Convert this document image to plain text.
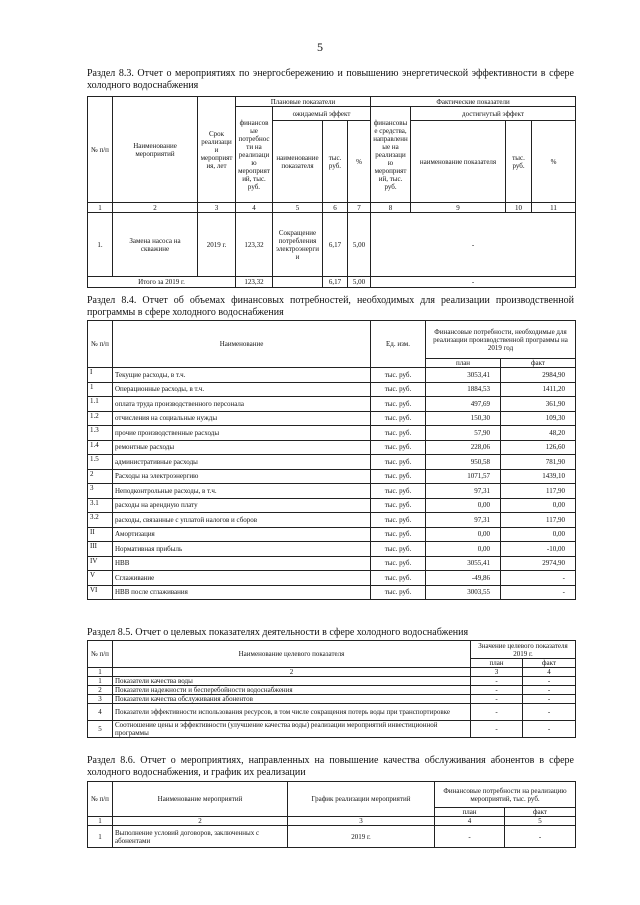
5
Раздел 8.3. Отчет о мероприятиях по энергосбережению и повышению энергетической эффективности в сфере холодного водоснабжения
№ п/п	Наименование мероприятий	Срок реализации мероприятия, лет	Плановые показатели				Фактические показатели			
			финансовые потребности на реализацию мероприятий, тыс. руб.	ожидаемый эффект			финансовые средства, направленные на реализацию мероприятий, тыс. руб.	достигнутый эффект		
				наименование показателя	тыс. руб.	%		наименование показателя	тыс. руб.	%
1	2	3	4	5	6	7	8	9	10	11
1.	Замена насоса на скважине	2019 г.	123,32	Сокращение потребления электроэнергии	6,17	5,00	-			
Итого за 2019 г.			123,32		6,17	5,00	-			
Раздел 8.4. Отчет об объемах финансовых потребностей, необходимых для реализации производственной программы в сфере холодного водоснабжения
№ п/п	Наименование	Ед. изм.	Финансовые потребности, необходимые для реализации производственной программы на 2019 год	
			план	факт
I	Текущие расходы, в т.ч.	тыс. руб.	3053,41	2984,90
1	Операционные расходы, в т.ч.	тыс. руб.	1884,53	1411,20
1.1	оплата труда производственного персонала	тыс. руб.	497,69	361,90
1.2	отчисления на социальные нужды	тыс. руб.	150,30	109,30
1.3	прочие производственные расходы	тыс. руб.	57,90	48,20
1.4	ремонтные расходы	тыс. руб.	228,06	126,60
1.5	административные расходы	тыс. руб.	950,58	781,90
2	Расходы на электроэнергию	тыс. руб.	1071,57	1439,10
3	Неподконтрольные расходы, в т.ч.	тыс. руб.	97,31	117,90
3.1	расходы на арендную плату	тыс. руб.	0,00	0,00
3.2	расходы, связанные с уплатой налогов и сборов	тыс. руб.	97,31	117,90
II	Амортизация	тыс. руб.	0,00	0,00
III	Нормативная прибыль	тыс. руб.	0,00	-10,00
IV	НВВ	тыс. руб.	3055,41	2974,90
V	Сглаживание	тыс. руб.	-49,86	-
VI	НВВ после сглаживания	тыс. руб.	3003,55	-
Раздел 8.5. Отчет о целевых показателях деятельности в сфере холодного водоснабжения
№ п/п	Наименование целевого показателя	Значение целевого показателя 2019 г.	
		план	факт
1	2	3	4
1	Показатели качества воды	-	-
2	Показатели надежности и бесперебойности водоснабжения	-	-
3	Показатели качества обслуживания абонентов	-	-
4	Показатели эффективности использования ресурсов, в том числе сокращения потерь воды при транспортировке	-	-
5	Соотношение цены и эффективности (улучшение качества воды) реализации мероприятий инвестиционной программы	-	-
Раздел 8.6. Отчет о мероприятиях, направленных на повышение качества обслуживания абонентов в сфере холодного водоснабжения, и график их реализации
№ п/п	Наименование мероприятий	График реализации мероприятий	Финансовые потребности на реализацию мероприятий, тыс. руб.	
			план	факт
1	2	3	4	5
1	Выполнение условий договоров, заключенных с абонентами	2019 г.	-	-
